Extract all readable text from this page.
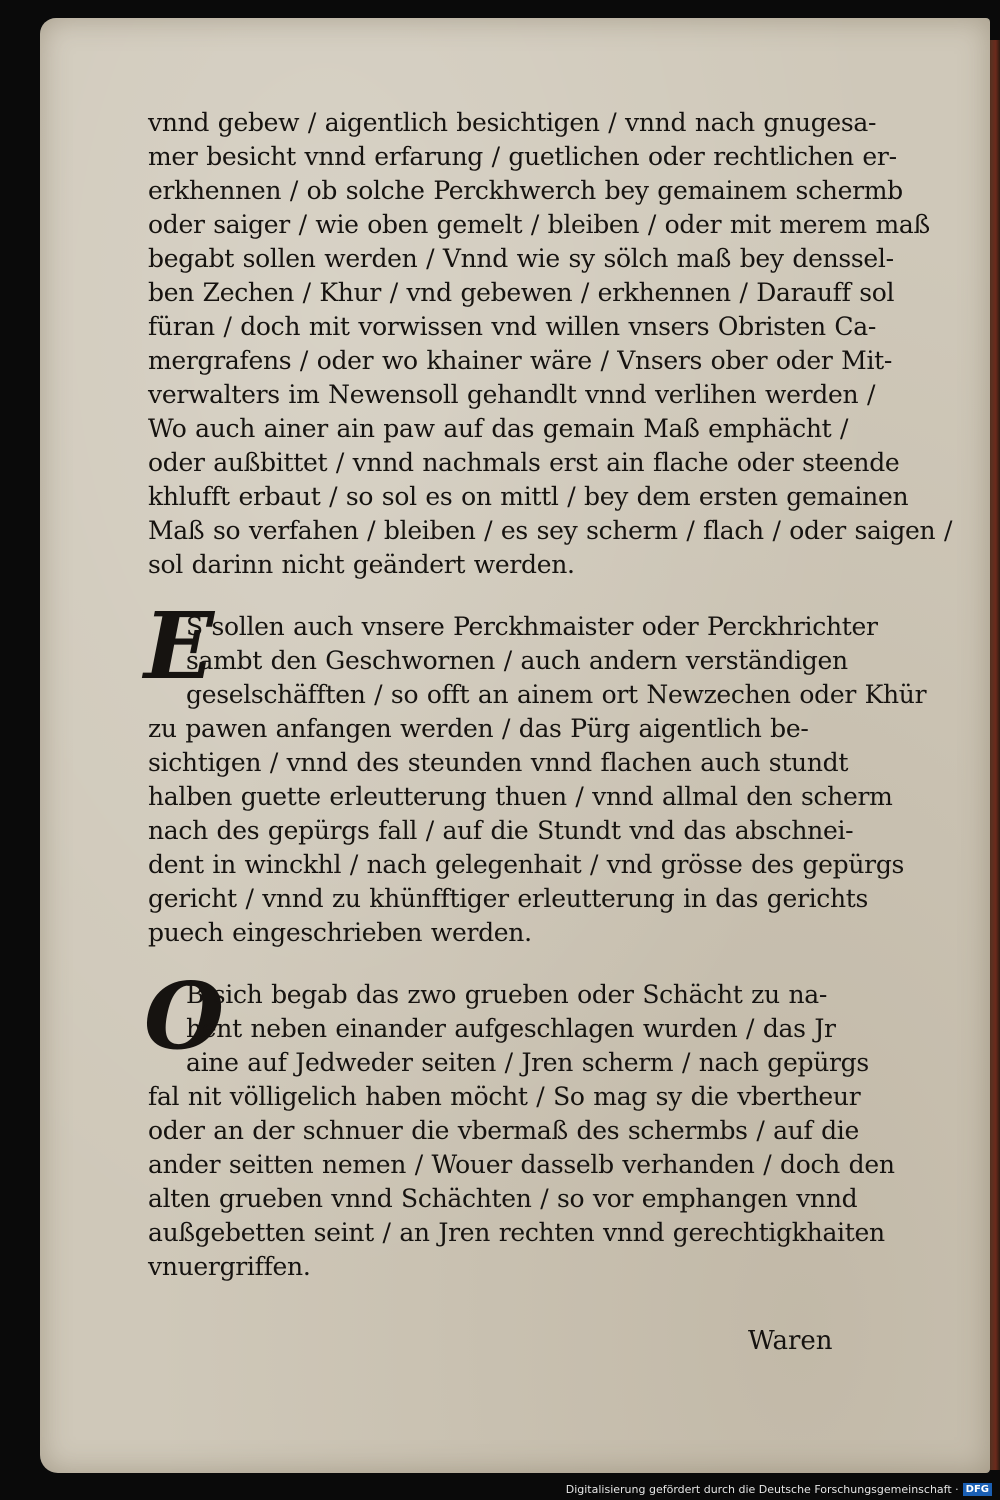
vnnd gebew / aigentlich besichtigen / vnnd nach gnugesa-
mer besicht vnnd erfarung / guetlichen oder rechtlichen er-
erkhennen / ob solche Perckhwerch bey gemainem schermb
oder saiger / wie oben gemelt / bleiben / oder mit merem maß
begabt sollen werden / Vnnd wie sy sölch maß bey denssel-
ben Zechen / Khur / vnd gebewen / erkhennen / Darauff sol
füran / doch mit vorwissen vnd willen vnsers Obristen Ca-
mergrafens / oder wo khainer wäre / Vnsers ober oder Mit-
verwalters im Newensoll gehandlt vnnd verlihen werden /
Wo auch ainer ain paw auf das gemain Maß emphächt /
oder außbittet / vnnd nachmals erst ain flache oder steende
khlufft erbaut / so sol es on mittl / bey dem ersten gemainen
Maß so verfahen / bleiben / es sey scherm / flach / oder saigen /
sol darinn nicht geändert werden.
E
S sollen auch vnsere Perckhmaister oder Perckhrichter
sambt den Geschwornen / auch andern verständigen
geselschäfften / so offt an ainem ort Newzechen oder Khür
zu pawen anfangen werden / das Pürg aigentlich be-
sichtigen / vnnd des steunden vnnd flachen auch stundt
halben guette erleutterung thuen / vnnd allmal den scherm
nach des gepürgs fall / auf die Stundt vnd das abschnei-
dent in winckhl / nach gelegenhait / vnd grösse des gepürgs
gericht / vnnd zu khünfftiger erleutterung in das gerichts
puech eingeschrieben werden.
O
B sich begab das zwo grueben oder Schächt zu na-
hent neben einander aufgeschlagen wurden / das Jr
aine auf Jedweder seiten / Jren scherm / nach gepürgs
fal nit völligelich haben möcht / So mag sy die vbertheur
oder an der schnuer die vbermaß des schermbs / auf die
ander seitten nemen / Wouer dasselb verhanden / doch den
alten grueben vnnd Schächten / so vor emphangen vnnd
außgebetten seint / an Jren rechten vnnd gerechtigkhaiten
vnuergriffen.
Waren
Digitalisierung gefördert durch die Deutsche Forschungsgemeinschaft · DFG
